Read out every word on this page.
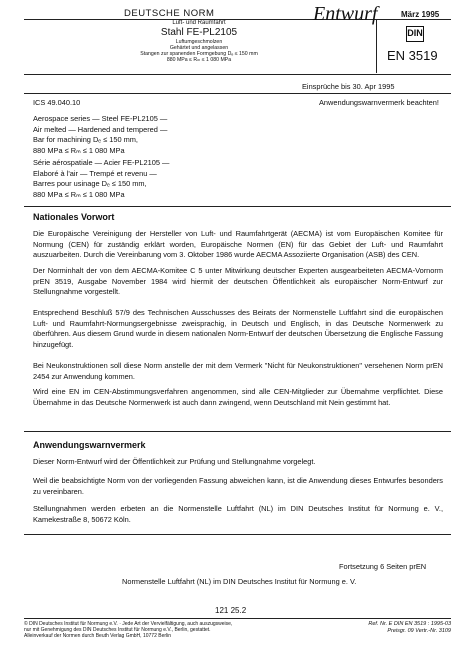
DEUTSCHE NORM	Entwurf	März 1995
Luft- und Raumfahrt
Stahl FE-PL2105
Luftumgeschmolzen
Gehärtet und angelassen
Stangen zur spanenden Formgebung Dₑ ≤ 150 mm
880 MPa ≤ Rₘ ≤ 1 080 MPa
DIN
EN 3519
Einsprüche bis 30. Apr 1995
ICS 49.040.10	Anwendungswarnvermerk beachten!
Aerospace series — Steel FE-PL2105 —
Air melted — Hardened and tempered —
Bar for machining Dₑ ≤ 150 mm,
880 MPa ≤ Rₘ ≤ 1 080 MPa
Série aérospatiale — Acier FE-PL2105 —
Elaboré à l'air — Trempé et revenu —
Barres pour usinage Dₑ ≤ 150 mm,
880 MPa ≤ Rₘ ≤ 1 080 MPa
Nationales Vorwort

Die Europäische Vereinigung der Hersteller von Luft- und Raumfahrtgerät (AECMA) ist vom Europäischen Komitee für Normung (CEN) für zuständig erklärt worden, Europäische Normen (EN) für das Gebiet der Luft- und Raumfahrt auszuarbeiten. Durch die Vereinbarung vom 3. Oktober 1986 wurde AECMA Assoziierte Organisation (ASB) des CEN.

Der Norminhalt der von dem AECMA-Komitee C 5 unter Mitwirkung deutscher Experten ausgearbeiteten AECMA-Vornorm prEN 3519, Ausgabe November 1984 wird hiermit der deutschen Öffentlichkeit als europäischer Norm-Entwurf zur Stellungnahme vorgestellt.

Entsprechend Beschluß 57/9 des Technischen Ausschusses des Beirats der Normenstelle Luftfahrt sind die europäischen Luft- und Raumfahrt-Normungsergebnisse zweisprachig, in Deutsch und Englisch, in das Deutsche Normenwerk zu überführen. Aus diesem Grund wurde in diesem nationalen Norm-Entwurf der deutschen Übersetzung die Englische Fassung hinzugefügt.

Bei Neukonstruktionen soll diese Norm anstelle der mit dem Vermerk "Nicht für Neukonstruktionen" versehenen Norm prEN 2454 zur Anwendung kommen.

Wird eine EN im CEN-Abstimmungsverfahren angenommen, sind alle CEN-Mitglieder zur Übernahme verpflichtet. Diese Übernahme in das Deutsche Normenwerk ist auch dann zwingend, wenn Deutschland mit Nein gestimmt hat.

Anwendungswarnvermerk

Dieser Norm-Entwurf wird der Öffentlichkeit zur Prüfung und Stellungnahme vorgelegt.

Weil die beabsichtigte Norm von der vorliegenden Fassung abweichen kann, ist die Anwendung dieses Entwurfes besonders zu vereinbaren.

Stellungnahmen werden erbeten an die Normenstelle Luftfahrt (NL) im DIN Deutsches Institut für Normung e. V., Kamekestraße 8, 50672 Köln.

Fortsetzung 6 Seiten prEN
Normenstelle Luftfahrt (NL) im DIN Deutsches Institut für Normung e. V.
121 25.2
© DIN Deutsches Institut für Normung e.V. · Jede Art der Vervielfältigung, auch auszugsweise,
nur mit Genehmigung des DIN Deutsches Institut für Normung e.V., Berlin, gestattet.
Alleinverkauf der Normen durch Beuth Verlag GmbH, 10772 Berlin
Ref. Nr. E DIN EN 3519 : 1995-03
Preisgr. 09 Vertr.-Nr. 3109
